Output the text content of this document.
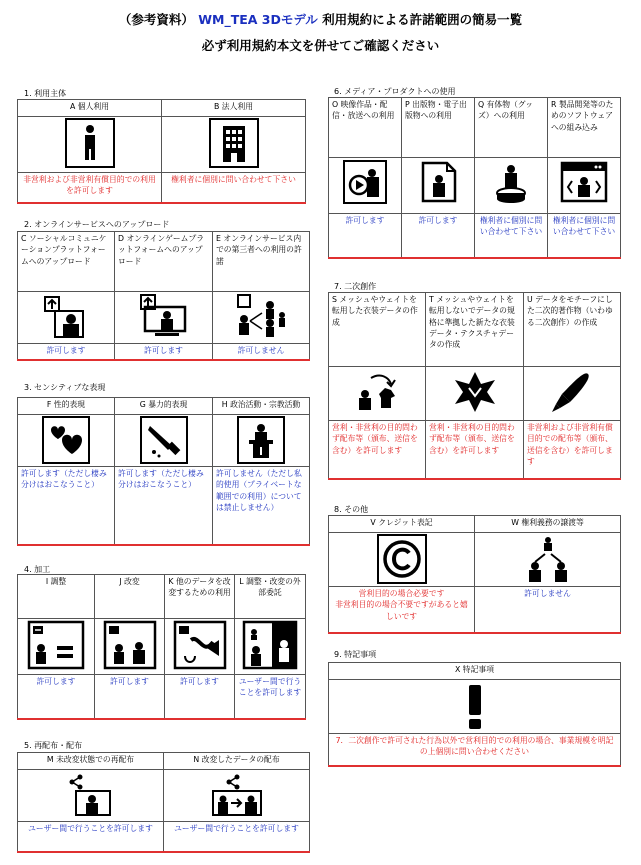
（参考資料） WM_TEA 3Dモデル 利用規約による許諾範囲の簡易一覧
必ず利用規約本文を併せてご確認ください
1. 利用主体
A 個人利用	B 法人利用

非営利および非営利有償目的での利用を許可します	権利者に個別に問い合わせて下さい
2. オンラインサービスへのアップロード
C ソーシャルコミュニケーションプラットフォームへのアップロード	D オンラインゲームプラットフォームへのアップロード	E オンラインサービス内での第三者への利用の許諾

許可します	許可します	許可しません
3. センシティブな表現
F 性的表現	G 暴力的表現	H 政治活動・宗教活動

許可します（ただし棲み分けはおこなうこと）	許可します（ただし棲み分けはおこなうこと）	許可しません（ただし私的使用（プライベートな範囲での利用）については禁止しません）
4. 加工
I 調整	J 改変	K 他のデータを改変するための利用	L 調整・改変の外部委託

許可します	許可します	許可します	ユーザー間で行うことを許可します
5. 再配布・配布
M 未改変状態での再配布	N 改変したデータの配布

ユーザー間で行うことを許可します	ユーザー間で行うことを許可します
6. メディア・プロダクトへの使用
O 映像作品・配信・放送への利用	P 出版物・電子出版物への利用	Q 有体物（グッズ）への利用	R 製品開発等のためのソフトウェアへの組み込み

許可します	許可します	権利者に個別に問い合わせて下さい	権利者に個別に問い合わせて下さい
7. 二次創作
S メッシュやウェイトを転用した衣装データの作成	T メッシュやウェイトを転用しないでデータの規格に準拠した新たな衣装データ・テクスチャデータの作成	U データをモチーフにした二次的著作物（いわゆる二次創作）の作成

営利・非営利の目的問わず配布等（頒布、送信を含む）を許可します	営利・非営利の目的問わず配布等（頒布、送信を含む）を許可します	非営利および非営利有償目的での配布等（頒布、送信を含む）を許可します
8. その他
V クレジット表記	W 権利義務の譲渡等

営利目的の場合必要です
非営利目的の場合不要ですがあると嬉しいです	許可しません
9. 特記事項
X 特記事項

7．二次創作で許可された行為以外で営利目的での利用の場合、事業規模を明記の上個別に問い合わせください
